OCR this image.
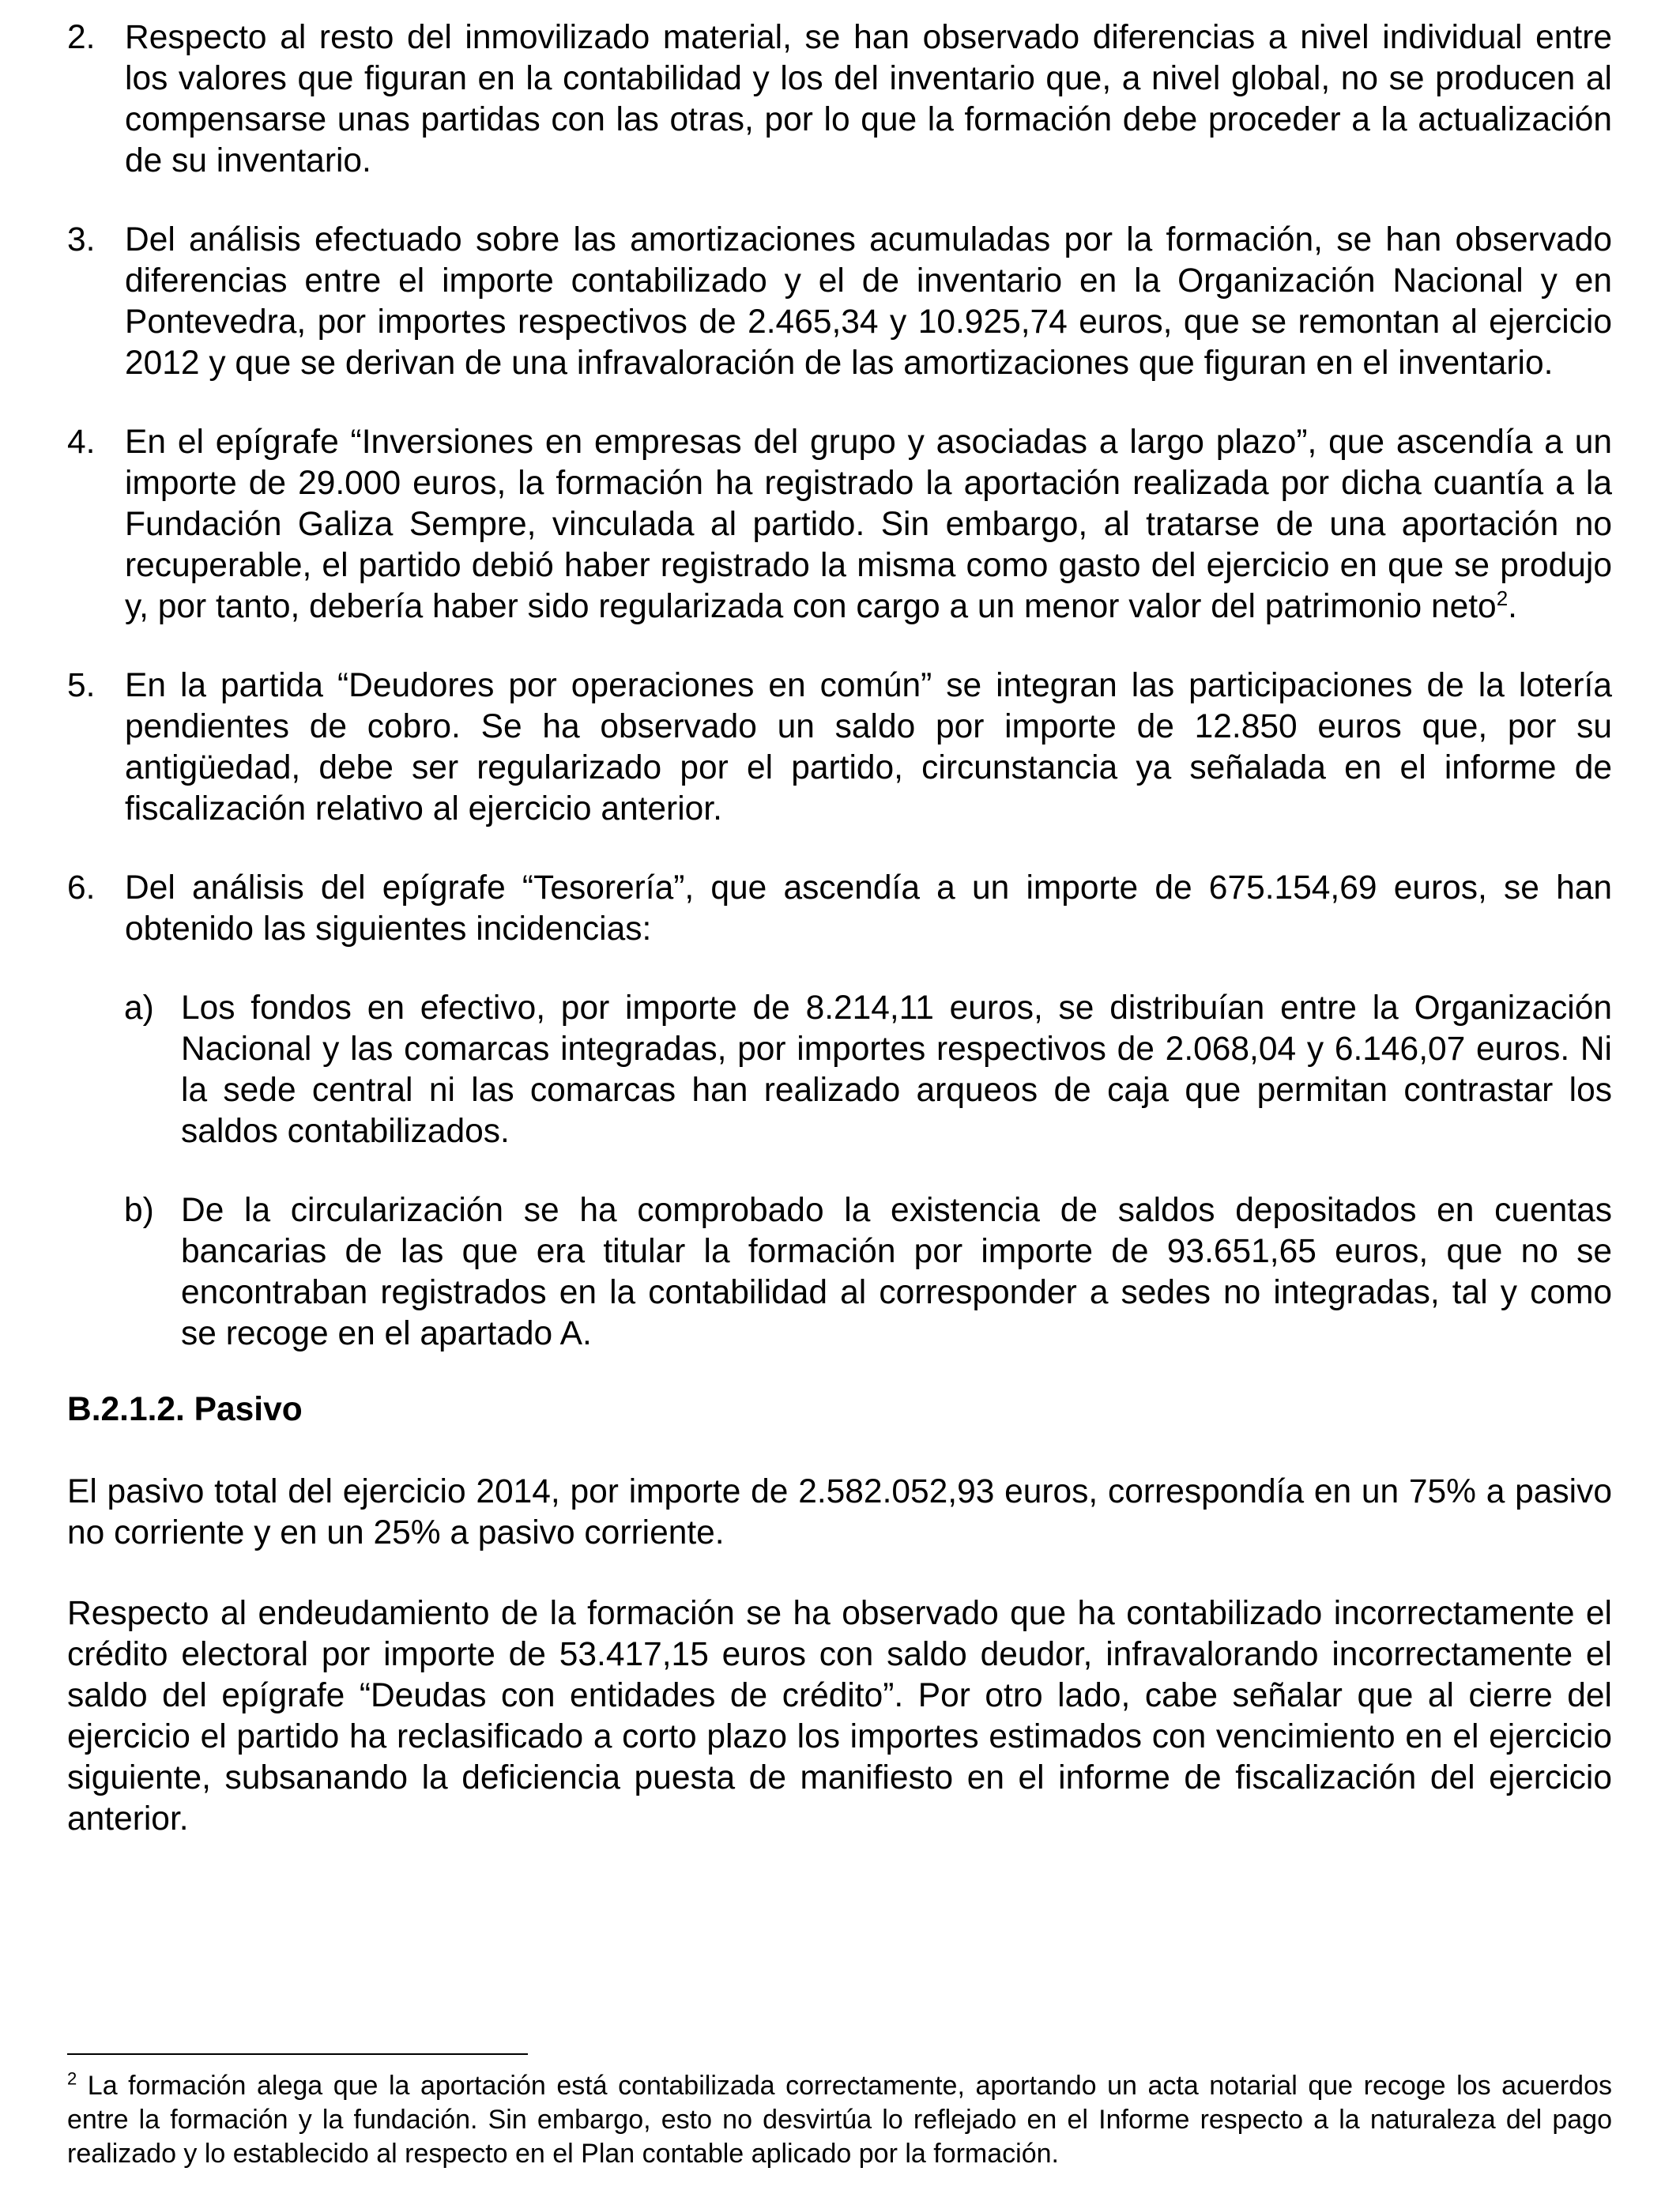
2. Respecto al resto del inmovilizado material, se han observado diferencias a nivel individual entre los valores que figuran en la contabilidad y los del inventario que, a nivel global, no se producen al compensarse unas partidas con las otras, por lo que la formación debe proceder a la actualización de su inventario.
3. Del análisis efectuado sobre las amortizaciones acumuladas por la formación, se han observado diferencias entre el importe contabilizado y el de inventario en la Organización Nacional y en Pontevedra, por importes respectivos de 2.465,34 y 10.925,74 euros, que se remontan al ejercicio 2012 y que se derivan de una infravaloración de las amortizaciones que figuran en el inventario.
4. En el epígrafe “Inversiones en empresas del grupo y asociadas a largo plazo”, que ascendía a un importe de 29.000 euros, la formación ha registrado la aportación realizada por dicha cuantía a la Fundación Galiza Sempre, vinculada al partido. Sin embargo, al tratarse de una aportación no recuperable, el partido debió haber registrado la misma como gasto del ejercicio en que se produjo y, por tanto, debería haber sido regularizada con cargo a un menor valor del patrimonio neto$^2$.
5. En la partida “Deudores por operaciones en común” se integran las participaciones de la lotería pendientes de cobro. Se ha observado un saldo por importe de 12.850 euros que, por su antigüedad, debe ser regularizado por el partido, circunstancia ya señalada en el informe de fiscalización relativo al ejercicio anterior.
6. Del análisis del epígrafe “Tesorería”, que ascendía a un importe de 675.154,69 euros, se han obtenido las siguientes incidencias:
a) Los fondos en efectivo, por importe de 8.214,11 euros, se distribuían entre la Organización Nacional y las comarcas integradas, por importes respectivos de 2.068,04 y 6.146,07 euros. Ni la sede central ni las comarcas han realizado arqueos de caja que permitan contrastar los saldos contabilizados.
b) De la circularización se ha comprobado la existencia de saldos depositados en cuentas bancarias de las que era titular la formación por importe de 93.651,65 euros, que no se encontraban registrados en la contabilidad al corresponder a sedes no integradas, tal y como se recoge en el apartado A.
B.2.1.2. Pasivo

El pasivo total del ejercicio 2014, por importe de 2.582.052,93 euros, correspondía en un 75% a pasivo no corriente y en un 25% a pasivo corriente.

Respecto al endeudamiento de la formación se ha observado que ha contabilizado incorrectamente el crédito electoral por importe de 53.417,15 euros con saldo deudor, infravalorando incorrectamente el saldo del epígrafe “Deudas con entidades de crédito”. Por otro lado, cabe señalar que al cierre del ejercicio el partido ha reclasificado a corto plazo los importes estimados con vencimiento en el ejercicio siguiente, subsanando la deficiencia puesta de manifiesto en el informe de fiscalización del ejercicio anterior.

$^2$ La formación alega que la aportación está contabilizada correctamente, aportando un acta notarial que recoge los acuerdos entre la formación y la fundación. Sin embargo, esto no desvirtúa lo reflejado en el Informe respecto a la naturaleza del pago realizado y lo establecido al respecto en el Plan contable aplicado por la formación.
